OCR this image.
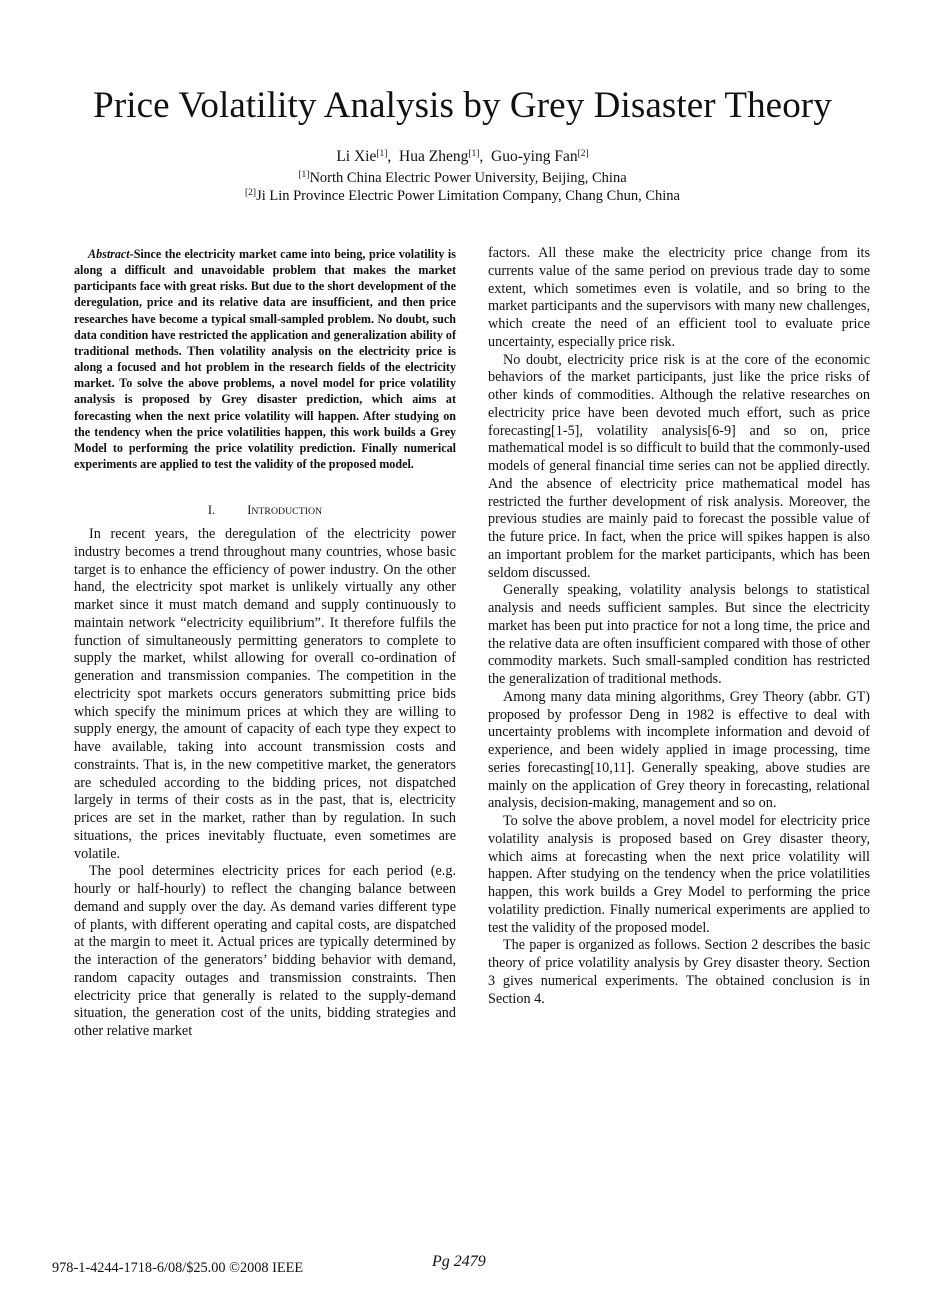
Price Volatility Analysis by Grey Disaster Theory
Li Xie[1],  Hua Zheng[1],  Guo-ying Fan[2]
[1]North China Electric Power University, Beijing, China
[2]Ji Lin Province Electric Power Limitation Company, Chang Chun, China

Abstract-Since the electricity market came into being, price volatility is along a difficult and unavoidable problem that makes the market participants face with great risks. But due to the short development of the deregulation, price and its relative data are insufficient, and then price researches have become a typical small-sampled problem. No doubt, such data condition have restricted the application and generalization ability of traditional methods. Then volatility analysis on the electricity price is along a focused and hot problem in the research fields of the electricity market. To solve the above problems, a novel model for price volatility analysis is proposed by Grey disaster prediction, which aims at forecasting when the next price volatility will happen. After studying on the tendency when the price volatilities happen, this work builds a Grey Model to performing the price volatility prediction. Finally numerical experiments are applied to test the validity of the proposed model.

I.	INTRODUCTION

In recent years, the deregulation of the electricity power industry becomes a trend throughout many countries, whose basic target is to enhance the efficiency of power industry. On the other hand, the electricity spot market is unlikely virtually any other market since it must match demand and supply continuously to maintain network “electricity equilibrium”. It therefore fulfils the function of simultaneously permitting generators to complete to supply the market, whilst allowing for overall co-ordination of generation and transmission companies. The competition in the electricity spot markets occurs generators submitting price bids which specify the minimum prices at which they are willing to supply energy, the amount of capacity of each type they expect to have available, taking into account transmission costs and constraints. That is, in the new competitive market, the generators are scheduled according to the bidding prices, not dispatched largely in terms of their costs as in the past, that is, electricity prices are set in the market, rather than by regulation. In such situations, the prices inevitably fluctuate, even sometimes are volatile.

The pool determines electricity prices for each period (e.g. hourly or half-hourly) to reflect the changing balance between demand and supply over the day. As demand varies different type of plants, with different operating and capital costs, are dispatched at the margin to meet it. Actual prices are typically determined by the interaction of the generators’ bidding behavior with demand, random capacity outages and transmission constraints. Then electricity price that generally is related to the supply-demand situation, the generation cost of the units, bidding strategies and other relative market

factors. All these make the electricity price change from its currents value of the same period on previous trade day to some extent, which sometimes even is volatile, and so bring to the market participants and the supervisors with many new challenges, which create the need of an efficient tool to evaluate price uncertainty, especially price risk.

No doubt, electricity price risk is at the core of the economic behaviors of the market participants, just like the price risks of other kinds of commodities. Although the relative researches on electricity price have been devoted much effort, such as price forecasting[1-5], volatility analysis[6-9] and so on, price mathematical model is so difficult to build that the commonly-used models of general financial time series can not be applied directly. And the absence of electricity price mathematical model has restricted the further development of risk analysis. Moreover, the previous studies are mainly paid to forecast the possible value of the future price. In fact, when the price will spikes happen is also an important problem for the market participants, which has been seldom discussed.

Generally speaking, volatility analysis belongs to statistical analysis and needs sufficient samples. But since the electricity market has been put into practice for not a long time, the price and the relative data are often insufficient compared with those of other commodity markets. Such small-sampled condition has restricted the generalization of traditional methods.

Among many data mining algorithms, Grey Theory (abbr. GT) proposed by professor Deng in 1982 is effective to deal with uncertainty problems with incomplete information and devoid of experience, and been widely applied in image processing, time series forecasting[10,11]. Generally speaking, above studies are mainly on the application of Grey theory in forecasting, relational analysis, decision-making, management and so on.

To solve the above problem, a novel model for electricity price volatility analysis is proposed based on Grey disaster theory, which aims at forecasting when the next price volatility will happen. After studying on the tendency when the price volatilities happen, this work builds a Grey Model to performing the price volatility prediction. Finally numerical experiments are applied to test the validity of the proposed model.

The paper is organized as follows. Section 2 describes the basic theory of price volatility analysis by Grey disaster theory. Section 3 gives numerical experiments. The obtained conclusion is in Section 4.

978-1-4244-1718-6/08/$25.00 ©2008 IEEE	Pg 2479
